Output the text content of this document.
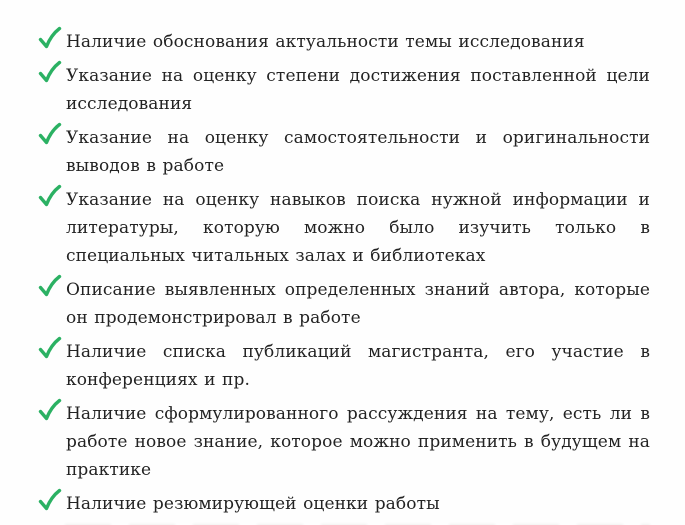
Наличие обоснования актуальности темы исследования

Указание на оценку степени достижения поставленной цели исследования

Указание на оценку самостоятельности и оригинальности выводов в работе

Указание на оценку навыков поиска нужной информации и литературы, которую можно было изучить только в специальных читальных залах и библиотеках

Описание выявленных определенных знаний автора, которые он продемонстрировал в работе

Наличие списка публикаций магистранта, его участие в конференциях и пр.

Наличие сформулированного рассуждения на тему, есть ли в работе новое знание, которое можно применить в будущем на практике

Наличие резюмирующей оценки работы
